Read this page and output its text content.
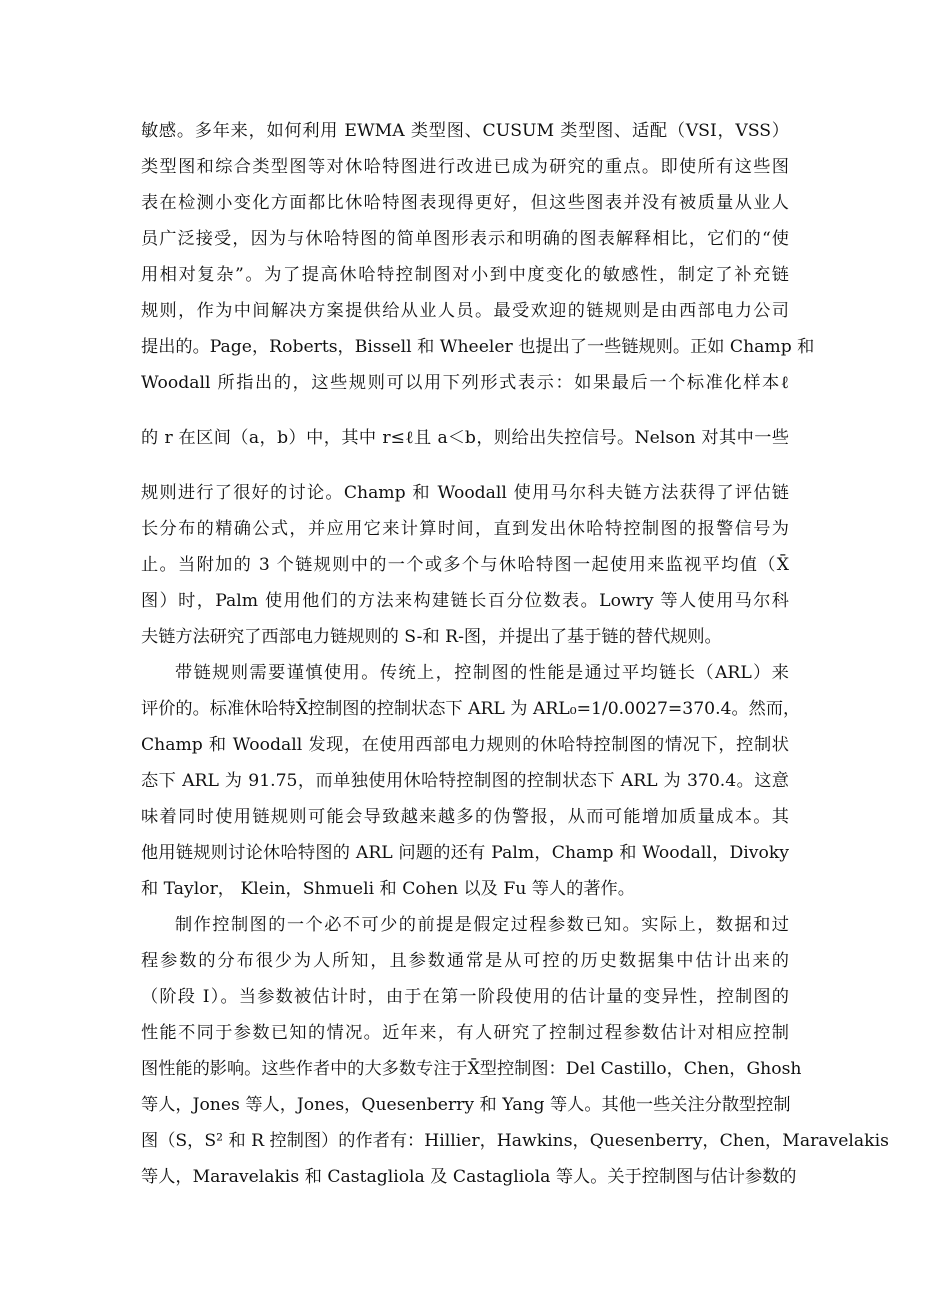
敏感。多年来，如何利用 EWMA 类型图、CUSUM 类型图、适配（VSI，VSS）
类型图和综合类型图等对休哈特图进行改进已成为研究的重点。即使所有这些图
表在检测小变化方面都比休哈特图表现得更好，但这些图表并没有被质量从业人
员广泛接受，因为与休哈特图的简单图形表示和明确的图表解释相比，它们的“使
用相对复杂”。为了提高休哈特控制图对小到中度变化的敏感性，制定了补充链
规则，作为中间解决方案提供给从业人员。最受欢迎的链规则是由西部电力公司
提出的。Page，Roberts，Bissell 和 Wheeler 也提出了一些链规则。正如 Champ 和
Woodall 所指出的，这些规则可以用下列形式表示：如果最后一个标准化样本ℓ
的 r 在区间（a，b）中，其中 r≤ℓ且 a＜b，则给出失控信号。Nelson 对其中一些
规则进行了很好的讨论。Champ 和 Woodall 使用马尔科夫链方法获得了评估链
长分布的精确公式，并应用它来计算时间，直到发出休哈特控制图的报警信号为
止。当附加的 3 个链规则中的一个或多个与休哈特图一起使用来监视平均值（X̄
图）时，Palm 使用他们的方法来构建链长百分位数表。Lowry 等人使用马尔科
夫链方法研究了西部电力链规则的 S-和 R-图，并提出了基于链的替代规则。
带链规则需要谨慎使用。传统上，控制图的性能是通过平均链长（ARL）来
评价的。标准休哈特X̄控制图的控制状态下 ARL 为 ARL₀=1/0.0027=370.4。然而，
Champ 和 Woodall 发现，在使用西部电力规则的休哈特控制图的情况下，控制状
态下 ARL 为 91.75，而单独使用休哈特控制图的控制状态下 ARL 为 370.4。这意
味着同时使用链规则可能会导致越来越多的伪警报，从而可能增加质量成本。其
他用链规则讨论休哈特图的 ARL 问题的还有 Palm，Champ 和 Woodall，Divoky
和 Taylor， Klein，Shmueli 和 Cohen 以及 Fu 等人的著作。
制作控制图的一个必不可少的前提是假定过程参数已知。实际上，数据和过
程参数的分布很少为人所知，且参数通常是从可控的历史数据集中估计出来的
（阶段 I）。当参数被估计时，由于在第一阶段使用的估计量的变异性，控制图的
性能不同于参数已知的情况。近年来，有人研究了控制过程参数估计对相应控制
图性能的影响。这些作者中的大多数专注于X̄型控制图：Del Castillo，Chen，Ghosh
等人，Jones 等人，Jones，Quesenberry 和 Yang 等人。其他一些关注分散型控制
图（S，S² 和 R 控制图）的作者有：Hillier，Hawkins，Quesenberry，Chen，Maravelakis
等人，Maravelakis 和 Castagliola 及 Castagliola 等人。关于控制图与估计参数的
